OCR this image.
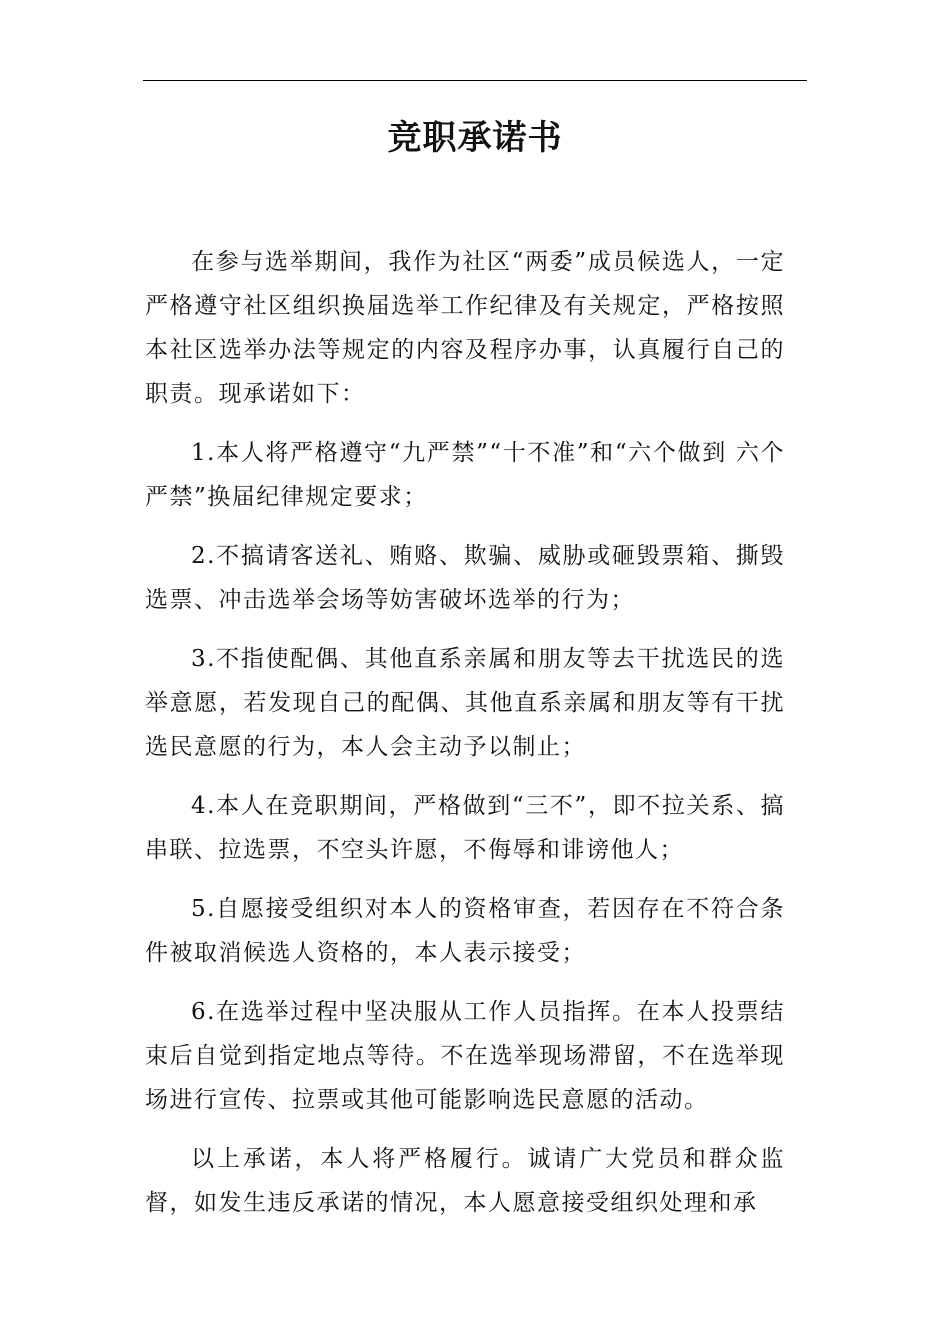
竞职承诺书

在参与选举期间，我作为社区“两委”成员候选人，一定严格遵守社区组织换届选举工作纪律及有关规定，严格按照本社区选举办法等规定的内容及程序办事，认真履行自己的职责。现承诺如下：

1.本人将严格遵守“九严禁”“十不准”和“六个做到 六个严禁”换届纪律规定要求；

2.不搞请客送礼、贿赂、欺骗、威胁或砸毁票箱、撕毁选票、冲击选举会场等妨害破坏选举的行为；

3.不指使配偶、其他直系亲属和朋友等去干扰选民的选举意愿，若发现自己的配偶、其他直系亲属和朋友等有干扰选民意愿的行为，本人会主动予以制止；

4.本人在竞职期间，严格做到“三不”，即不拉关系、搞串联、拉选票，不空头许愿，不侮辱和诽谤他人；

5.自愿接受组织对本人的资格审查，若因存在不符合条件被取消候选人资格的，本人表示接受；

6.在选举过程中坚决服从工作人员指挥。在本人投票结束后自觉到指定地点等待。不在选举现场滞留，不在选举现场进行宣传、拉票或其他可能影响选民意愿的活动。

以上承诺，本人将严格履行。诚请广大党员和群众监督，如发生违反承诺的情况，本人愿意接受组织处理和承
